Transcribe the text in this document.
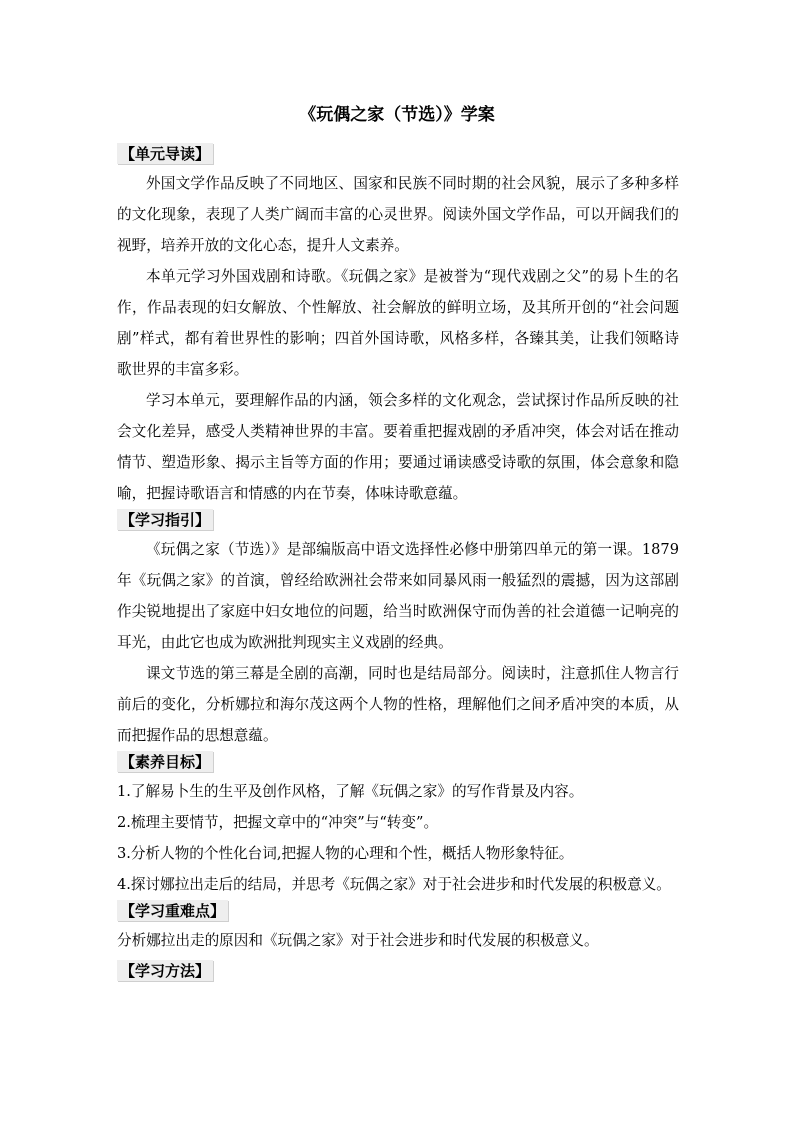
《玩偶之家（节选）》学案
【单元导读】

外国文学作品反映了不同地区、国家和民族不同时期的社会风貌，展示了多种多样的文化现象，表现了人类广阔而丰富的心灵世界。阅读外国文学作品，可以开阔我们的视野，培养开放的文化心态，提升人文素养。

本单元学习外国戏剧和诗歌。《玩偶之家》是被誉为“现代戏剧之父”的易卜生的名作，作品表现的妇女解放、个性解放、社会解放的鲜明立场，及其所开创的“社会问题剧”样式，都有着世界性的影响；四首外国诗歌，风格多样，各臻其美，让我们领略诗歌世界的丰富多彩。

学习本单元，要理解作品的内涵，领会多样的文化观念，尝试探讨作品所反映的社会文化差异，感受人类精神世界的丰富。要着重把握戏剧的矛盾冲突，体会对话在推动情节、塑造形象、揭示主旨等方面的作用；要通过诵读感受诗歌的氛围，体会意象和隐喻，把握诗歌语言和情感的内在节奏，体味诗歌意蕴。

【学习指引】

《玩偶之家（节选）》是部编版高中语文选择性必修中册第四单元的第一课。1879年《玩偶之家》的首演，曾经给欧洲社会带来如同暴风雨一般猛烈的震撼，因为这部剧作尖锐地提出了家庭中妇女地位的问题，给当时欧洲保守而伪善的社会道德一记响亮的耳光，由此它也成为欧洲批判现实主义戏剧的经典。

课文节选的第三幕是全剧的高潮，同时也是结局部分。阅读时，注意抓住人物言行前后的变化，分析娜拉和海尔茂这两个人物的性格，理解他们之间矛盾冲突的本质，从而把握作品的思想意蕴。

【素养目标】

1.了解易卜生的生平及创作风格，了解《玩偶之家》的写作背景及内容。

2.梳理主要情节，把握文章中的“冲突”与“转变”。

3.分析人物的个性化台词,把握人物的心理和个性，概括人物形象特征。

4.探讨娜拉出走后的结局，并思考《玩偶之家》对于社会进步和时代发展的积极意义。

【学习重难点】

分析娜拉出走的原因和《玩偶之家》对于社会进步和时代发展的积极意义。

【学习方法】
